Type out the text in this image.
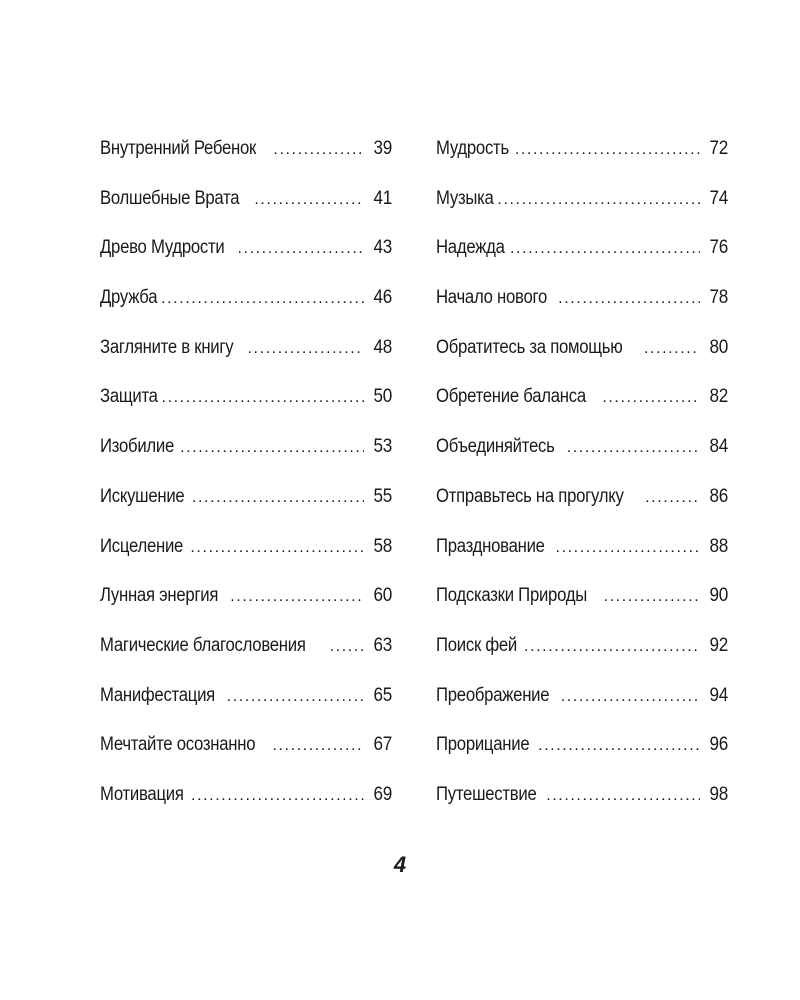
Внутренний Ребенок .....	39
Волшебные Врата .....	41
Древо Мудрости .....	43
Дружба .....	46
Загляните в книгу .....	48
Защита .....	50
Изобилие .....	53
Искушение .....	55
Исцеление .....	58
Лунная энергия .....	60
Магические благословения .....	63
Манифестация .....	65
Мечтайте осознанно .....	67
Мотивация .....	69
Мудрость .....	72
Музыка .....	74
Надежда .....	76
Начало нового .....	78
Обратитесь за помощью .....	80
Обретение баланса .....	82
Объединяйтесь .....	84
Отправьтесь на прогулку .....	86
Празднование .....	88
Подсказки Природы .....	90
Поиск фей .....	92
Преображение .....	94
Прорицание .....	96
Путешествие .....	98
4
